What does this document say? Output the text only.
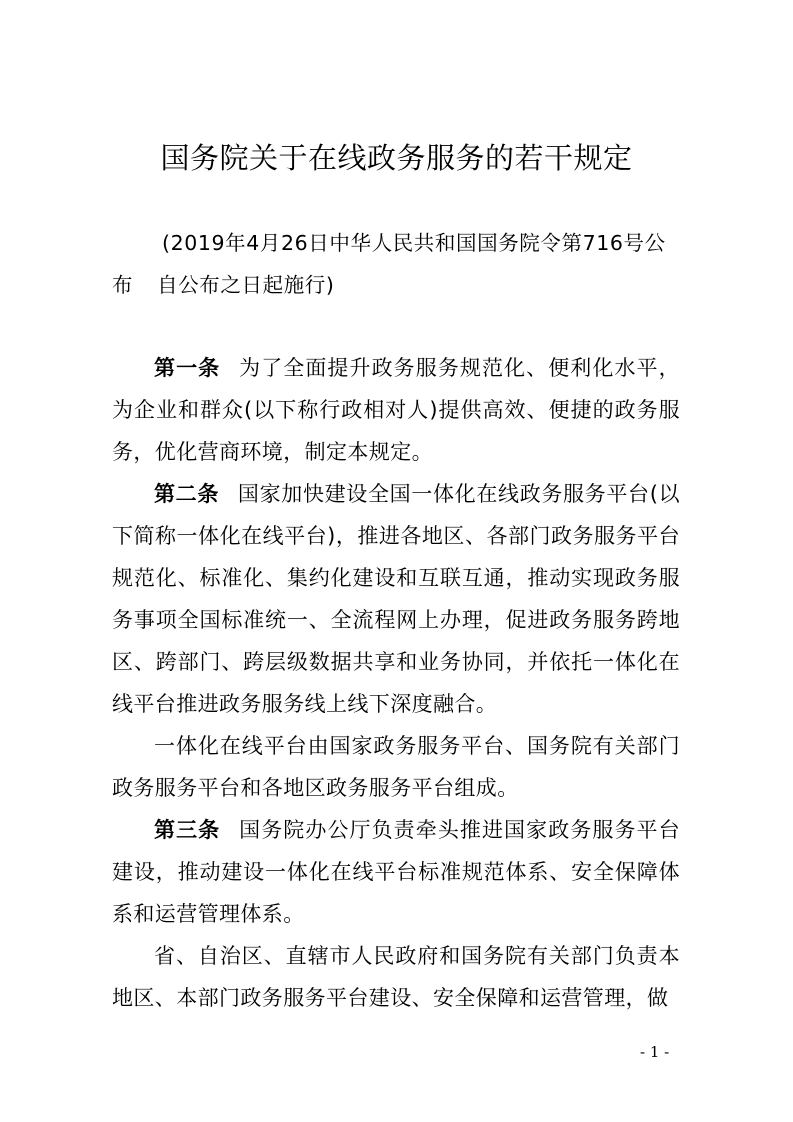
国务院关于在线政务服务的若干规定
(2019年4月26日中华人民共和国国务院令第716号公
布 自公布之日起施行)

第一条 为了全面提升政务服务规范化、便利化水平，为企业和群众(以下称行政相对人)提供高效、便捷的政务服务，优化营商环境，制定本规定。

第二条 国家加快建设全国一体化在线政务服务平台(以下简称一体化在线平台)，推进各地区、各部门政务服务平台规范化、标准化、集约化建设和互联互通，推动实现政务服务事项全国标准统一、全流程网上办理，促进政务服务跨地区、跨部门、跨层级数据共享和业务协同，并依托一体化在线平台推进政务服务线上线下深度融合。

一体化在线平台由国家政务服务平台、国务院有关部门政务服务平台和各地区政务服务平台组成。

第三条 国务院办公厅负责牵头推进国家政务服务平台建设，推动建设一体化在线平台标准规范体系、安全保障体系和运营管理体系。

省、自治区、直辖市人民政府和国务院有关部门负责本地区、本部门政务服务平台建设、安全保障和运营管理，做

- 1 -
